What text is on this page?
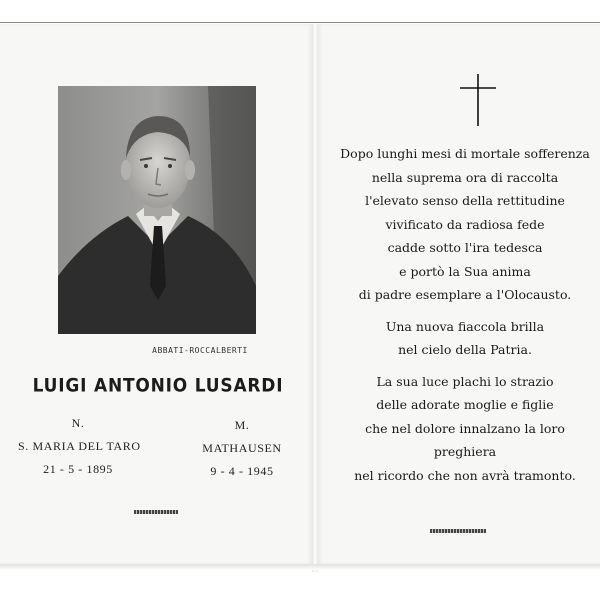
ABBATI-ROCCALBERTI
LUIGI ANTONIO LUSARDI
N.
S. MARIA DEL TARO
21 - 5 - 1895
M.
MATHAUSEN
9 - 4 - 1945
Dopo lunghi mesi di mortale sofferenza
nella suprema ora di raccolta
l'elevato senso della rettitudine
vivificato da radiosa fede
cadde sotto l'ira tedesca
e portò la Sua anima
di padre esemplare a l'Olocausto.
Una nuova fiaccola brilla
nel cielo della Patria.
La sua luce plachi lo strazio
delle adorate moglie e figlie
che nel dolore innalzano la loro
preghiera
nel ricordo che non avrà tramonto.
